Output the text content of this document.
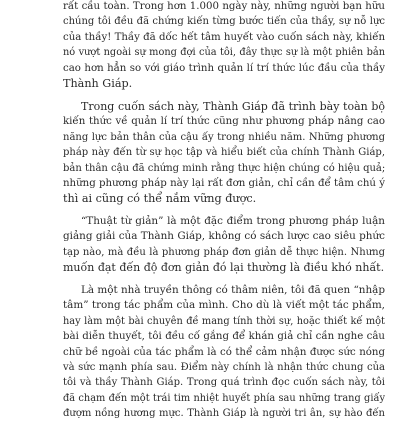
rất cầu toàn. Trong hơn 1.000 ngày này, những người bạn hữu
chúng tôi đều đã chứng kiến từng bước tiến của thầy, sự nỗ lực
của thầy! Thầy đã dốc hết tâm huyết vào cuốn sách này, khiến
nó vượt ngoài sự mong đợi của tôi, đây thực sự là một phiên bản
cao hơn hẳn so với giáo trình quản lí trí thức lúc đầu của thầy
Thành Giáp.
Trong cuốn sách này, Thành Giáp đã trình bày toàn bộ
kiến thức về quản lí trí thức cũng như phương pháp nâng cao
năng lực bản thân của cậu ấy trong nhiều năm. Những phương
pháp này đến từ sự học tập và hiểu biết của chính Thành Giáp,
bản thân cậu đã chứng minh rằng thực hiện chúng có hiệu quả;
những phương pháp này lại rất đơn giản, chỉ cần để tâm chú ý
thì ai cũng có thể nắm vững được.
“Thuật từ giản” là một đặc điểm trong phương pháp luận
giảng giải của Thành Giáp, không có sách lược cao siêu phức
tạp nào, mà đều là phương pháp đơn giản dễ thực hiện. Nhưng
muốn đạt đến độ đơn giản đó lại thường là điều khó nhất.
Là một nhà truyền thông có thâm niên, tôi đã quen “nhập
tâm” trong tác phẩm của mình. Cho dù là viết một tác phẩm,
hay làm một bài chuyên đề mang tính thời sự, hoặc thiết kế một
bài diễn thuyết, tôi đều cố gắng để khán giả chỉ cần nghe câu
chữ bề ngoài của tác phẩm là có thể cảm nhận được sức nóng
và sức mạnh phía sau. Điểm này chính là nhận thức chung của
tôi và thầy Thành Giáp. Trong quá trình đọc cuốn sách này, tôi
đã chạm đến một trái tim nhiệt huyết phía sau những trang giấy
đượm nồng hương mực. Thành Giáp là người tri ân, sự hào đến
